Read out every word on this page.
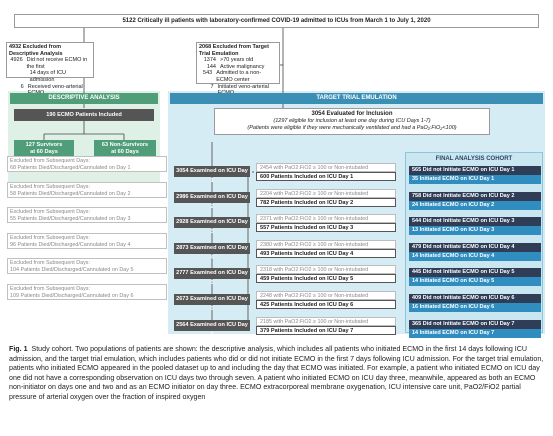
5122 Critically ill patients with laboratory-confirmed COVID-19 admitted to ICUs from March 1 to July 1, 2020
4932 Excluded from Descriptive Analysis
4926 Did not receive ECMO in the first
14 days of ICU admission
6 Received veno-arterial
2068 Excluded from Target Trial Emulation
1374 >70 years old
144 Active malignancy
543 Admitted to a non-ECMO center
7 Initiated veno-arterial
DESCRIPTIVE ANALYSIS
190 ECMO Patients Included
127 Survivors
at 60 Days
63 Non-Survivors
at 60 Days
TARGET TRIAL EMULATION
3054 Evaluated for Inclusion
(1297 eligible for inclusion at least one day during ICU Days 1-7)
(Patients were eligible if they were mechanically ventilated and had a PaO₂:FiO₂<100)
FINAL ANALYSIS COHORT
3054 Examined on ICU Day 1
2454 with PaO2:FiO2 ≥ 100 or Non-intubated
600 Patients Included on ICU Day 1
565 Did not Initiate ECMO on ICU Day 1
35 Initiated ECMO on ICU Day 1
Excluded from Subsequent Days:
68 Patients Died/Discharged/Cannulated on Day 1
2986 Examined on ICU Day 2
2204 with PaO2:FiO2 ≥ 100 or Non-intubated
782 Patients Included on ICU Day 2
758 Did not Initiate ECMO on ICU Day 2
24 Initiated ECMO on ICU Day 2
Excluded from Subsequent Days:
58 Patients Died/Discharged/Cannulated on Day 2
2928 Examined on ICU Day 3
2371 with PaO2:FiO2 ≥ 100 or Non-intubated
557 Patients Included on ICU Day 3
544 Did not Initiate ECMO on ICU Day 3
13 Initiated ECMO on ICU Day 3
Excluded from Subsequent Days:
55 Patients Died/Discharged/Cannulated on Day 3
2873 Examined on ICU Day 4
2380 with PaO2:FiO2 ≥ 100 or Non-intubated
493 Patients Included on ICU Day 4
479 Did not Initiate ECMO on ICU Day 4
14 Initiated ECMO on ICU Day 4
Excluded from Subsequent Days:
96 Patients Died/Discharged/Cannulated on Day 4
2777 Examined on ICU Day 5
2318 with PaO2:FiO2 ≥ 100 or Non-intubated
459 Patients Included on ICU Day 5
445 Did not Initiate ECMO on ICU Day 5
14 Initiated ECMO on ICU Day 5
Excluded from Subsequent Days:
104 Patients Died/Discharged/Cannulated on Day 5
2673 Examined on ICU Day 6
2248 with PaO2:FiO2 ≥ 100 or Non-intubated
425 Patients Included on ICU Day 6
409 Did not Initiate ECMO on ICU Day 6
16 Initiated ECMO on ICU Day 6
Excluded from Subsequent Days:
109 Patients Died/Discharged/Cannulated on Day 6
2564 Examined on ICU Day 7
2185 with PaO2:FiO2 ≥ 100 or Non-intubated
379 Patients Included on ICU Day 7
365 Did not Initiate ECMO on ICU Day 7
14 Initiated ECMO on ICU Day 7
Fig. 1 Study cohort. Two populations of patients are shown: the descriptive analysis, which includes all patients who initiated ECMO in the first 14 days following ICU admission, and the target trial emulation, which includes patients who did or did not initiate ECMO in the first 7 days following ICU admission. For the target trial emulation, patients who initiated ECMO appeared in the pooled dataset up to and including the day that ECMO was initiated. For example, a patient who initiated ECMO on ICU day one did not have a corresponding observation on ICU days two through seven. A patient who initiated ECMO on ICU day three, meanwhile, appeared as both an ECMO non-initiator on days one and two and as an ECMO initiator on day three. ECMO extracorporeal membrane oxygenation, ICU intensive care unit, PaO2/FiO2 partial pressure of arterial oxygen over the fraction of inspired oxygen
